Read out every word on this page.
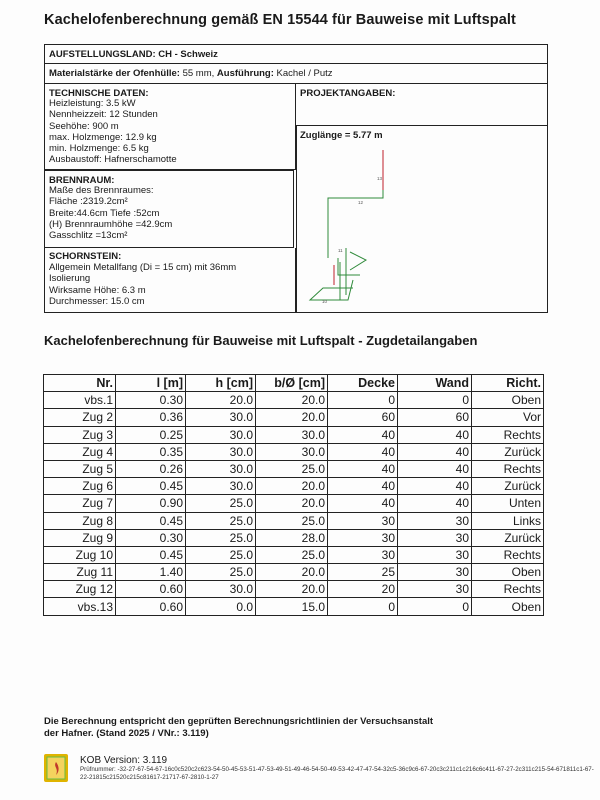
Kachelofenberechnung gemäß EN 15544 für Bauweise mit Luftspalt
AUFSTELLUNGSLAND: CH - Schweiz
Materialstärke der Ofenhülle: 55 mm, Ausführung: Kachel / Putz
TECHNISCHE DATEN:
Heizleistung: 3.5 kW
Nennheizzeit: 12 Stunden
Seehöhe: 900 m
max. Holzmenge: 12.9 kg
min. Holzmenge: 6.5 kg
Ausbaustoff: Hafnerschamotte
PROJEKTANGABEN:
Zuglänge = 5.77 m
13
12
11
10
BRENNRAUM:
Maße des Brennraumes:
Fläche :2319.2cm²
Breite:44.6cm Tiefe :52cm
(H) Brennraumhöhe =42.9cm
Gasschlitz =13cm²
SCHORNSTEIN:
Allgemein Metallfang (Di = 15 cm) mit 36mm
Isolierung
Wirksame Höhe: 6.3 m
Durchmesser: 15.0 cm
Kachelofenberechnung für Bauweise mit Luftspalt - Zugdetailangaben
Nr.	l [m]	h [cm]	b/Ø [cm]	Decke	Wand	Richt.
vbs.1	0.30	20.0	20.0	0	0	Oben
Zug 2	0.36	30.0	20.0	60	60	Vor
Zug 3	0.25	30.0	30.0	40	40	Rechts
Zug 4	0.35	30.0	30.0	40	40	Zurück
Zug 5	0.26	30.0	25.0	40	40	Rechts
Zug 6	0.45	30.0	20.0	40	40	Zurück
Zug 7	0.90	25.0	20.0	40	40	Unten
Zug 8	0.45	25.0	25.0	30	30	Links
Zug 9	0.30	25.0	28.0	30	30	Zurück
Zug 10	0.45	25.0	25.0	30	30	Rechts
Zug 11	1.40	25.0	20.0	25	30	Oben
Zug 12	0.60	30.0	20.0	20	30	Rechts
vbs.13	0.60	0.0	15.0	0	0	Oben
Die Berechnung entspricht den geprüften Berechnungsrichtlinien der Versuchsanstalt
der Hafner. (Stand 2025 / VNr.: 3.119)
KOB Version: 3.119
Prüfnummer: -32-27-67-54-67-16c0c520c2c623-54-50-45-53-51-47-53-49-51-49-46-54-50-49-53-42-47-47-54-32c5-36c9c6-67-20c3c211c1c216c6c411-67-27-2c311c215-54-671811c1-67-22-21815c21520c215c81617-21717-67-2810-1-27
